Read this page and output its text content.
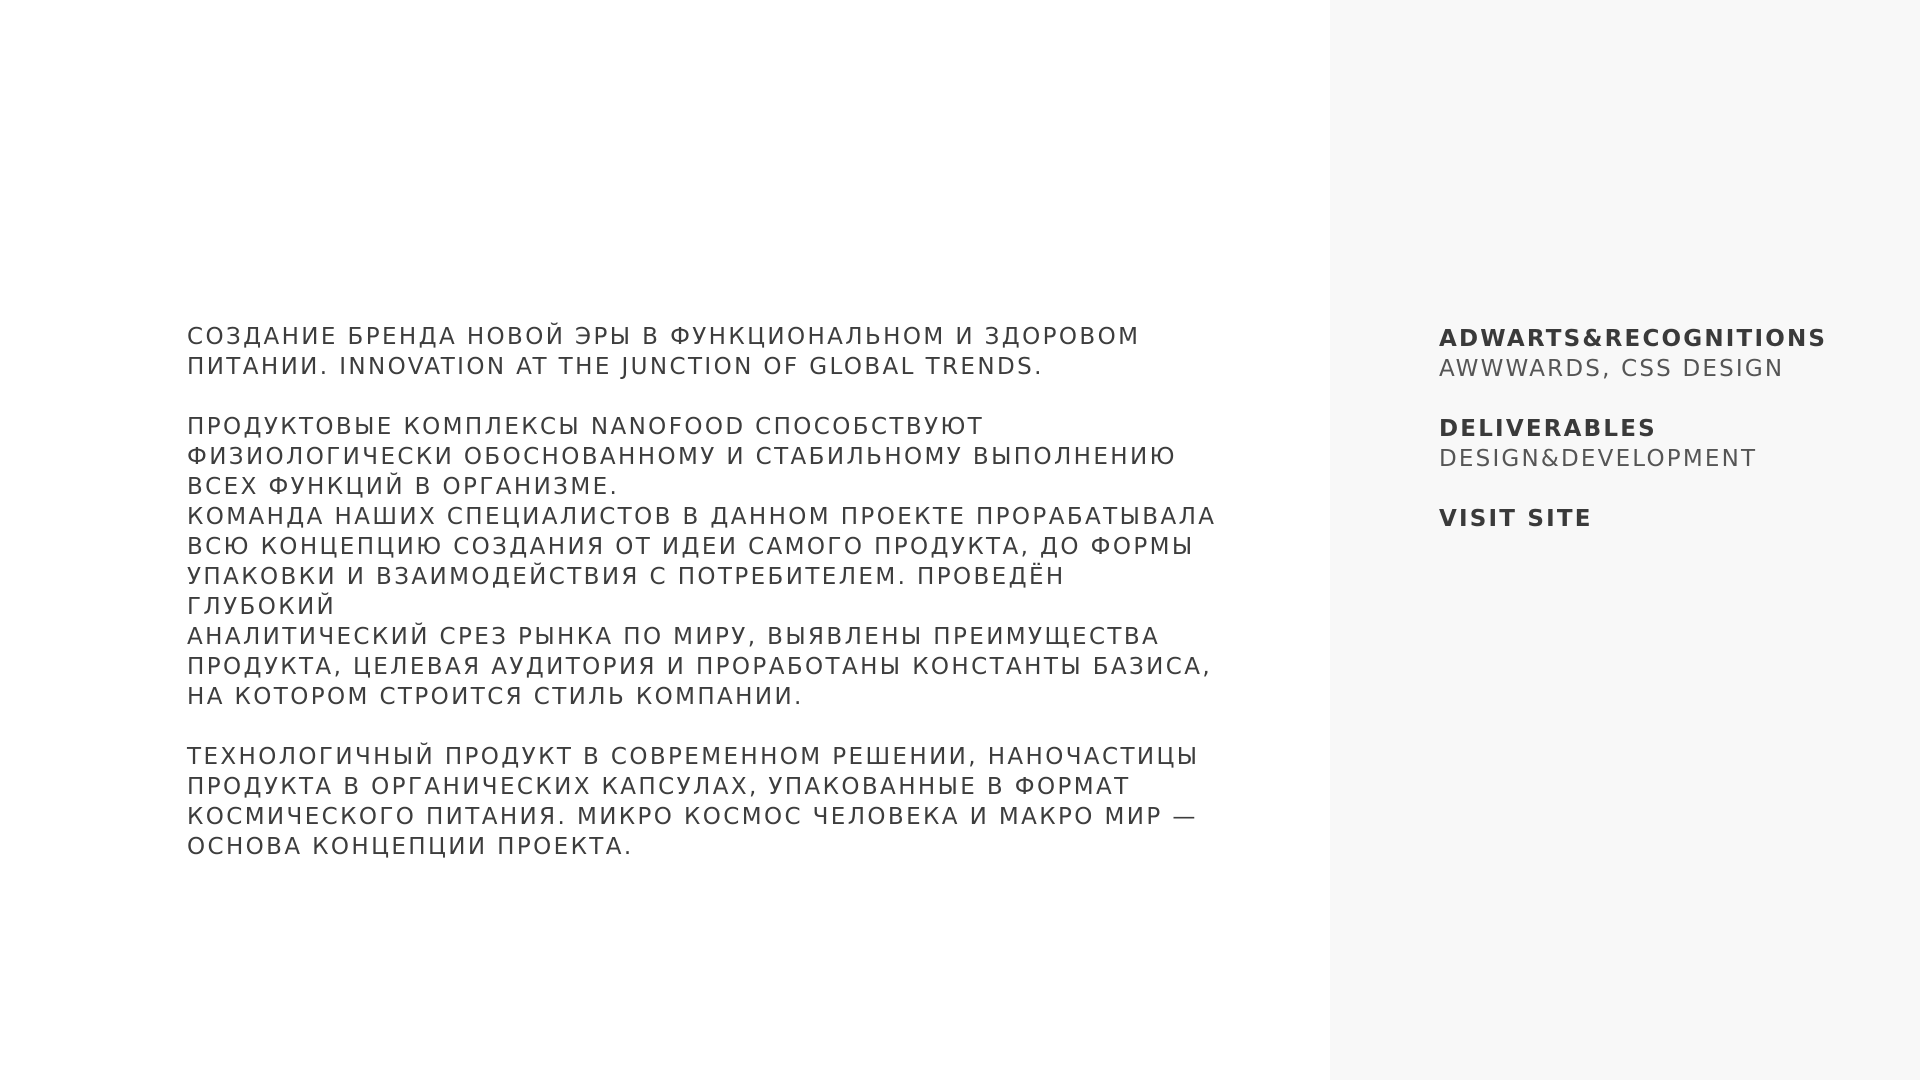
СОЗДАНИЕ БРЕНДА НОВОЙ ЭРЫ В ФУНКЦИОНАЛЬНОМ И ЗДОРОВОМ
ПИТАНИИ. INNOVATION AT THE JUNCTION OF GLOBAL TRENDS.

ПРОДУКТОВЫЕ КОМПЛЕКСЫ NANOFOOD СПОСОБСТВУЮТ
ФИЗИОЛОГИЧЕСКИ ОБОСНОВАННОМУ И СТАБИЛЬНОМУ ВЫПОЛНЕНИЮ
ВСЕХ ФУНКЦИЙ В ОРГАНИЗМЕ.
КОМАНДА НАШИХ СПЕЦИАЛИСТОВ В ДАННОМ ПРОЕКТЕ ПРОРАБАТЫВАЛА
ВСЮ КОНЦЕПЦИЮ СОЗДАНИЯ ОТ ИДЕИ САМОГО ПРОДУКТА, ДО ФОРМЫ
УПАКОВКИ И ВЗАИМОДЕЙСТВИЯ С ПОТРЕБИТЕЛЕМ. ПРОВЕДЁН ГЛУБОКИЙ
АНАЛИТИЧЕСКИЙ СРЕЗ РЫНКА ПО МИРУ, ВЫЯВЛЕНЫ ПРЕИМУЩЕСТВА
ПРОДУКТА, ЦЕЛЕВАЯ АУДИТОРИЯ И ПРОРАБОТАНЫ КОНСТАНТЫ БАЗИСА,
НА КОТОРОМ СТРОИТСЯ СТИЛЬ КОМПАНИИ.

ТЕХНОЛОГИЧНЫЙ ПРОДУКТ В СОВРЕМЕННОМ РЕШЕНИИ, НАНОЧАСТИЦЫ
ПРОДУКТА В ОРГАНИЧЕСКИХ КАПСУЛАХ, УПАКОВАННЫЕ В ФОРМАТ
КОСМИЧЕСКОГО ПИТАНИЯ. МИКРО КОСМОС ЧЕЛОВЕКА И МАКРО МИР —
ОСНОВА КОНЦЕПЦИИ ПРОЕКТА.

ADWARTS&RECOGNITIONS
AWWWARDS, CSS DESIGN
DELIVERABLES
DESIGN&DEVELOPMENT
VISIT SITE
